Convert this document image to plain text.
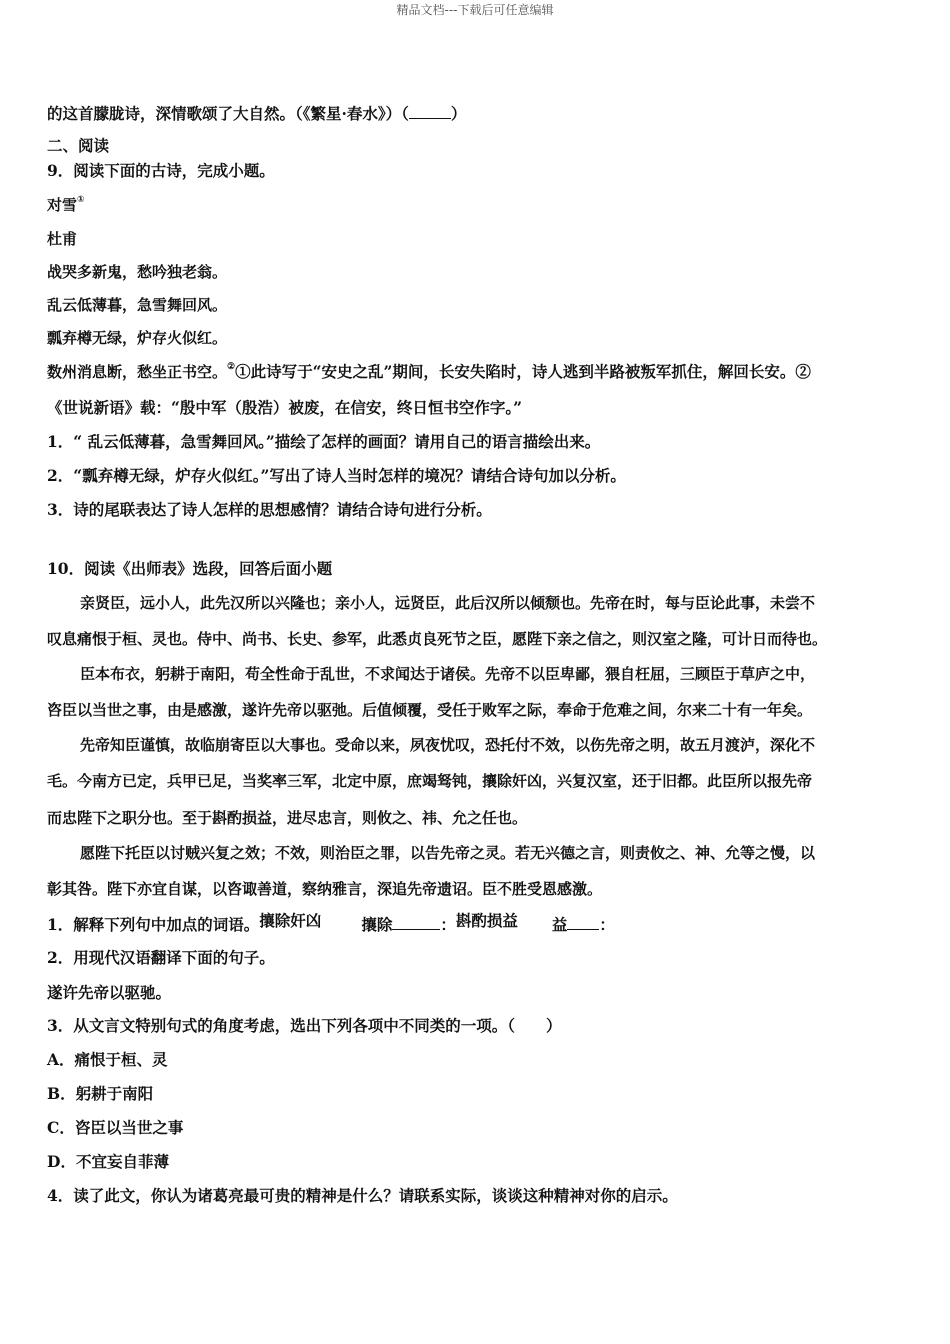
精品文档---下载后可任意编辑
的这首朦胧诗，深情歌颂了大自然。（《繁星·春水》）（	）
二、阅读
9．阅读下面的古诗，完成小题。
对雪①
杜甫
战哭多新鬼，愁吟独老翁。
乱云低薄暮，急雪舞回风。
瓢弃樽无绿，炉存火似红。
数州消息断，愁坐正书空。②①此诗写于“安史之乱”期间，长安失陷时，诗人逃到半路被叛军抓住，解回长安。②
《世说新语》载：“殷中军（殷浩）被废，在信安，终日恒书空作字。”
1．“ 乱云低薄暮，急雪舞回风。”描绘了怎样的画面？请用自己的语言描绘出来。
2．“瓢弃樽无绿，炉存火似红。”写出了诗人当时怎样的境况？请结合诗句加以分析。
3．诗的尾联表达了诗人怎样的思想感情？请结合诗句进行分析。
10．阅读《出师表》选段，回答后面小题
亲贤臣，远小人，此先汉所以兴隆也；亲小人，远贤臣，此后汉所以倾颓也。先帝在时，每与臣论此事，未尝不
叹息痛恨于桓、灵也。侍中、尚书、长史、参军，此悉贞良死节之臣，愿陛下亲之信之，则汉室之隆，可计日而待也。
臣本布衣，躬耕于南阳，苟全性命于乱世，不求闻达于诸侯。先帝不以臣卑鄙，猥自枉屈，三顾臣于草庐之中，
咨臣以当世之事，由是感激，遂许先帝以驱弛。后值倾覆，受任于败军之际，奉命于危难之间，尔来二十有一年矣。
先帝知臣谨慎，故临崩寄臣以大事也。受命以来，夙夜忧叹，恐托付不效，以伤先帝之明，故五月渡泸，深化不
毛。今南方已定，兵甲已足，当奖率三军，北定中原，庶竭驽钝，攘除奸凶，兴复汉室，还于旧都。此臣所以报先帝
而忠陛下之职分也。至于斟酌损益，进尽忠言，则攸之、祎、允之任也。
愿陛下托臣以讨贼兴复之效；不效，则治臣之罪，以告先帝之灵。若无兴德之言，则责攸之、神、允等之慢，以
彰其咎。陛下亦宜自谋，以咨诹善道，察纳雅言，深追先帝遗诏。臣不胜受恩感激。
1．解释下列句中加点的词语。攘除奸凶	攘除	：斟酌损益 益 ：
2．用现代汉语翻译下面的句子。
遂许先帝以驱驰。
3．从文言文特别句式的角度考虑，选出下列各项中不同类的一项。（　　）
A．痛恨于桓、灵
B．躬耕于南阳
C．咨臣以当世之事
D．不宜妄自菲薄
4．读了此文，你认为诸葛亮最可贵的精神是什么？请联系实际，谈谈这种精神对你的启示。
